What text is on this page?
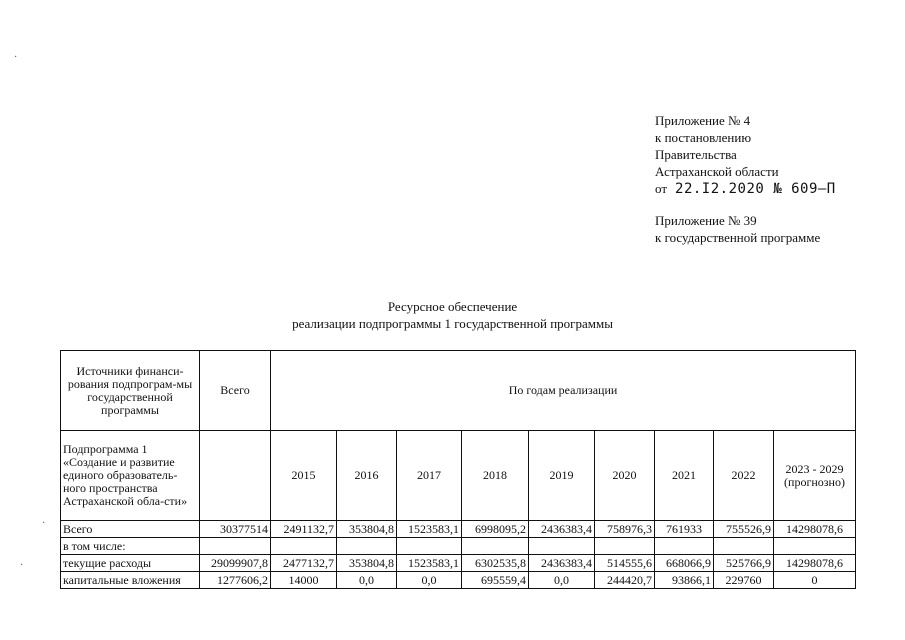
Приложение № 4
к постановлению
Правительства
Астраханской области
от 22.I2.2020 № 609–П
Приложение № 39
к государственной программе
Ресурсное обеспечение
реализации подпрограммы 1 государственной программы
Источники финанси-рования подпрограм-мы государственной программы	Всего	По годам реализации								
Подпрограмма 1 «Создание и развитие единого образователь-ного пространства Астраханской обла-сти»		2015	2016	2017	2018	2019	2020	2021	2022	2023 - 2029 (прогнозно)
Всего	30377514	2491132,7	353804,8	1523583,1	6998095,2	2436383,4	758976,3	761933	755526,9	14298078,6
в том числе:										
текущие расходы	29099907,8	2477132,7	353804,8	1523583,1	6302535,8	2436383,4	514555,6	668066,9	525766,9	14298078,6
капитальные вложения	1277606,2	14000	0,0	0,0	695559,4	0,0	244420,7	93866,1	229760	0
·
·
·
